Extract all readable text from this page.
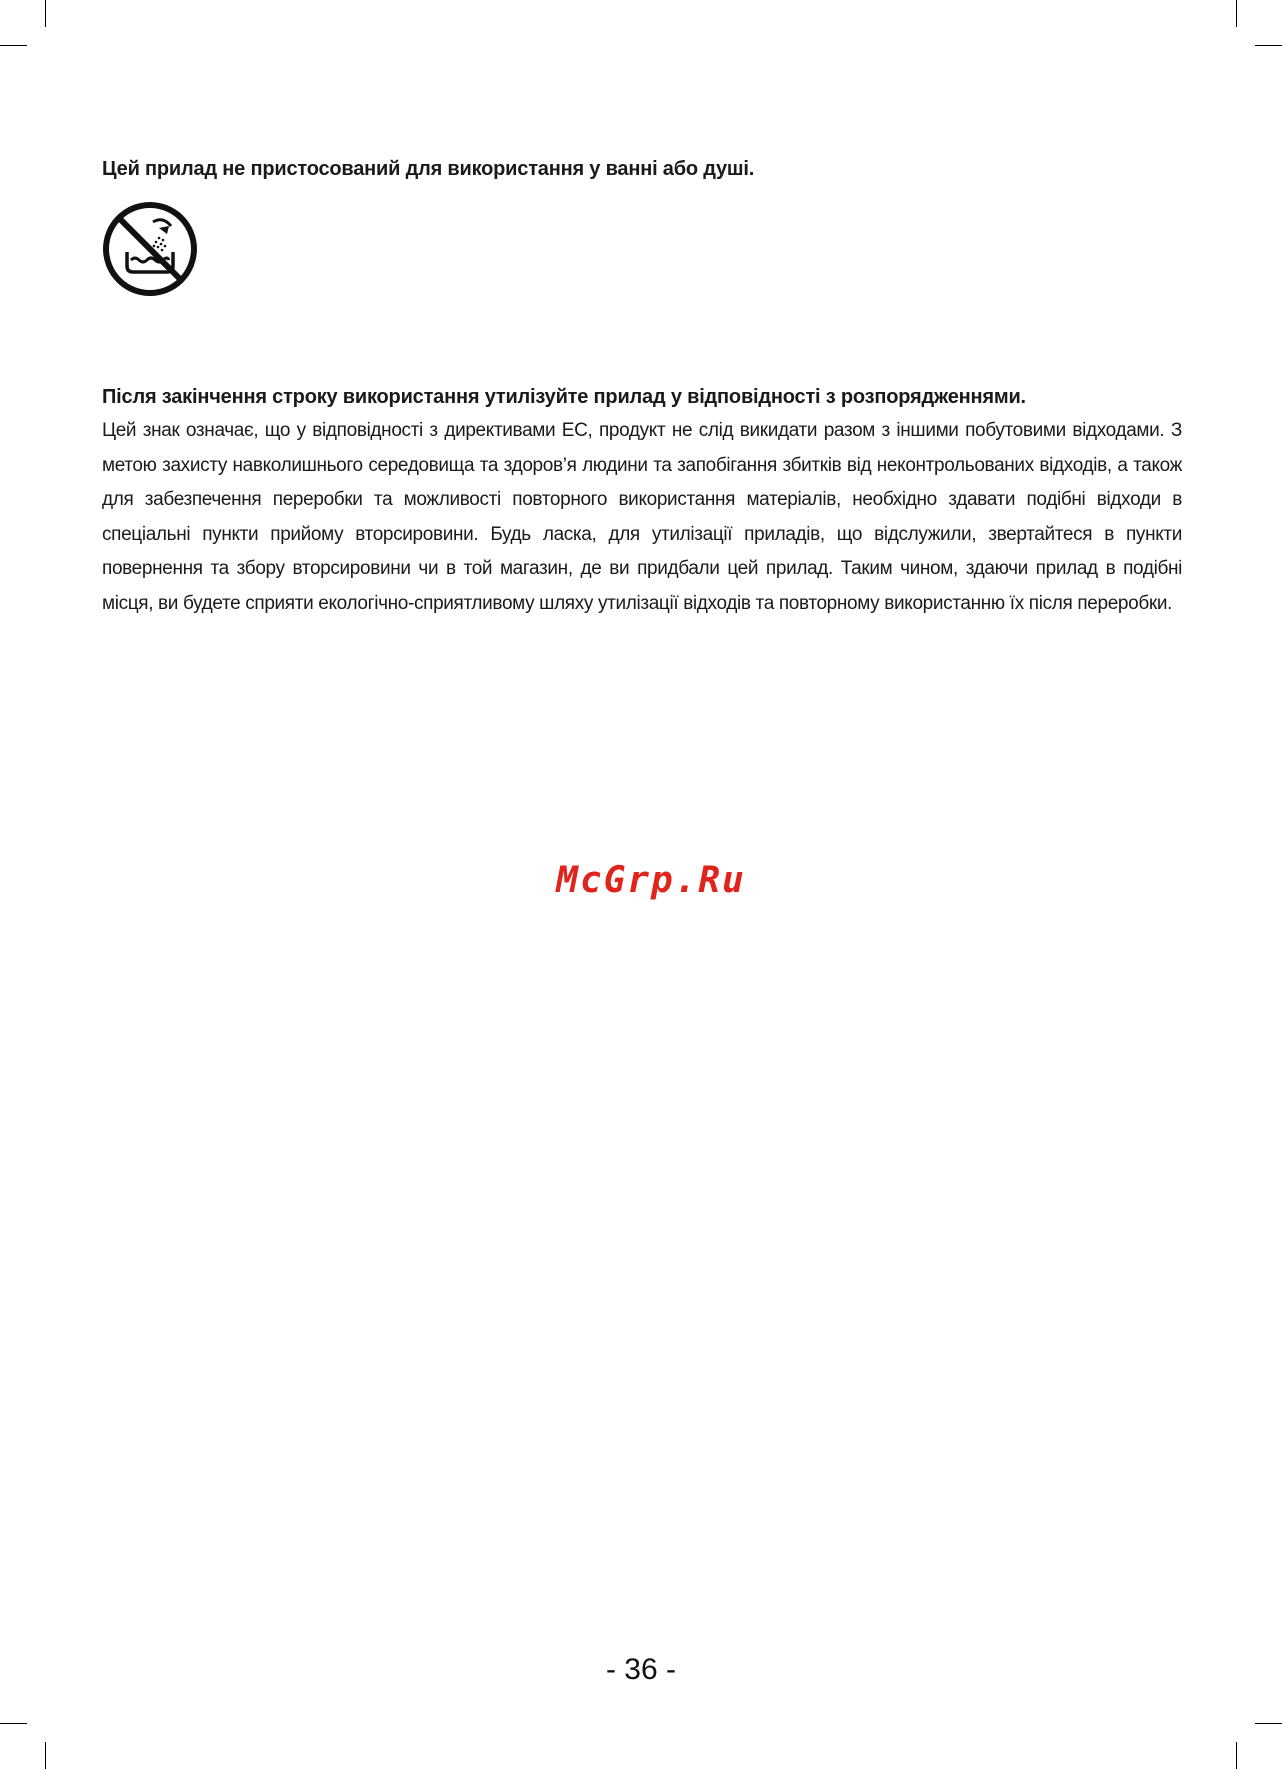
Цей прилад не пристосований для використання у ванні або душі.
Після закінчення строку використання утилізуйте прилад у відповідності з розпорядженнями.

Цей знак означає, що у відповідності з директивами ЕС, продукт не слід викидати разом з іншими побутовими відходами. З метою захисту навколишнього середовища та здоров’я людини та запобігання збитків від неконтрольованих відходів, а також для забезпечення переробки та можливості повторного використання матеріалів, необхідно здавати подібні відходи в спеціальні пункти прийому вторсировини. Будь ласка, для утилізації приладів, що відслужили, звертайтеся в пункти повернення та збору вторсировини чи в той магазин, де ви придбали цей прилад. Таким чином, здаючи прилад в подібні місця, ви будете сприяти екологічно-сприятливому шляху утилізації відходів та повторному використанню їх після переробки.

McGrp.Ru
- 36 -
